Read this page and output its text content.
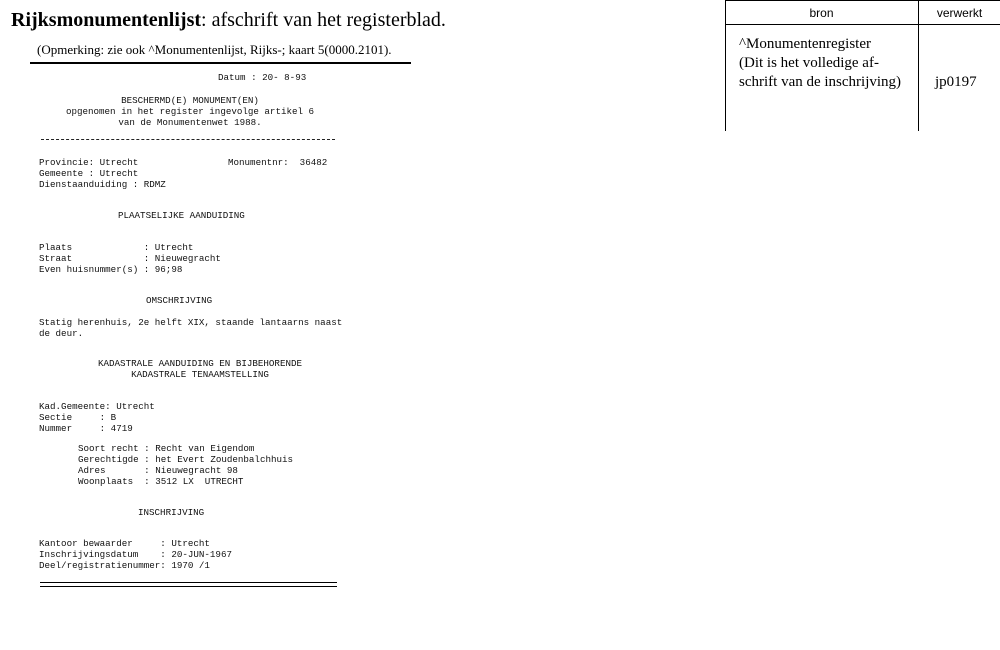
Rijksmonumentenlijst: afschrift van het registerblad.
(Opmerking: zie ook ^Monumentenlijst, Rijks-; kaart 5(0000.2101).
Datum : 20- 8-93
BESCHERMD(E) MONUMENT(EN)
opgenomen in het register ingevolge artikel 6
van de Monumentenwet 1988.
Provincie: Utrecht	Monumentnr:  36482
Gemeente : Utrecht
Dienstaanduiding : RDMZ
PLAATSELIJKE AANDUIDING
Plaats             : Utrecht
Straat             : Nieuwegracht
Even huisnummer(s) : 96;98
OMSCHRIJVING
Statig herenhuis, 2e helft XIX, staande lantaarns naast
de deur.
KADASTRALE AANDUIDING EN BIJBEHORENDE
KADASTRALE TENAAMSTELLING
Kad.Gemeente: Utrecht
Sectie     : B
Nummer     : 4719
Soort recht : Recht van Eigendom
Gerechtigde : het Evert Zoudenbalchhuis
Adres       : Nieuwegracht 98
Woonplaats  : 3512 LX  UTRECHT
INSCHRIJVING
Kantoor bewaarder     : Utrecht
Inschrijvingsdatum    : 20-JUN-1967
Deel/registratienummer: 1970 /1
bron	verwerkt
^Monumentenregister
(Dit is het volledige af-
schrift van de inschrijving) jp0197
